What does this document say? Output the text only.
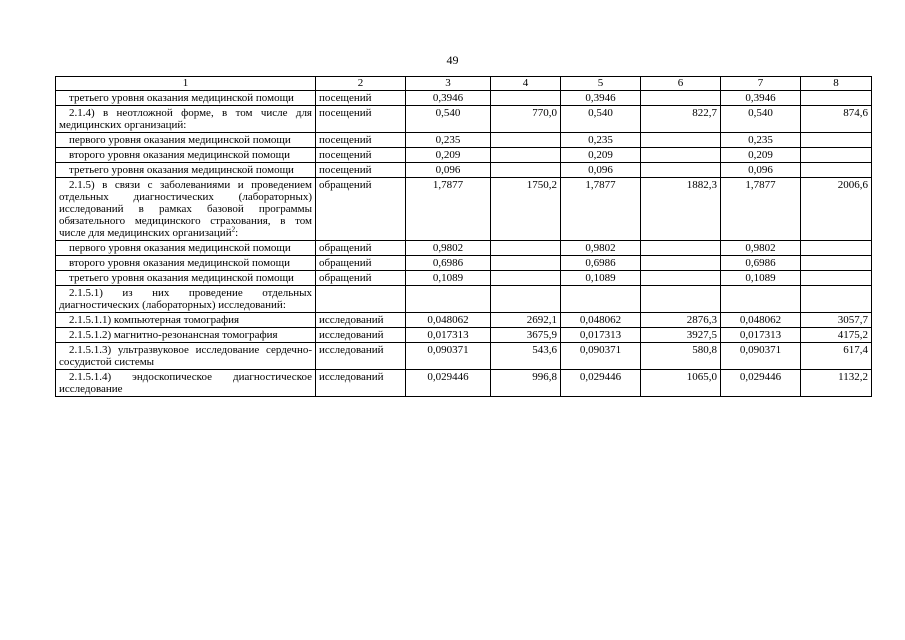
49
1	2	3	4	5	6	7	8
третьего уровня оказания медицинской помощи	посещений	0,3946		0,3946		0,3946	
2.1.4) в неотложной форме, в том числе для медицинских организаций:	посещений	0,540	770,0	0,540	822,7	0,540	874,6
первого уровня оказания медицинской помощи	посещений	0,235		0,235		0,235	
второго уровня оказания медицинской помощи	посещений	0,209		0,209		0,209	
третьего уровня оказания медицинской помощи	посещений	0,096		0,096		0,096	
2.1.5) в связи с заболеваниями и проведением отдельных диагностических (лабораторных) исследований в рамках базовой программы обязательного медицинского страхования, в том числе для медицинских организаций$^2$:	обращений	1,7877	1750,2	1,7877	1882,3	1,7877	2006,6
первого уровня оказания медицинской помощи	обращений	0,9802		0,9802		0,9802	
второго уровня оказания медицинской помощи	обращений	0,6986		0,6986		0,6986	
третьего уровня оказания медицинской помощи	обращений	0,1089		0,1089		0,1089	
2.1.5.1) из них проведение отдельных диагностических (лабораторных) исследований:							
2.1.5.1.1) компьютерная томография	исследований	0,048062	2692,1	0,048062	2876,3	0,048062	3057,7
2.1.5.1.2) магнитно-резонансная томография	исследований	0,017313	3675,9	0,017313	3927,5	0,017313	4175,2
2.1.5.1.3) ультразвуковое исследование сердечно-сосудистой системы	исследований	0,090371	543,6	0,090371	580,8	0,090371	617,4
2.1.5.1.4) эндоскопическое диагностическое исследование	исследований	0,029446	996,8	0,029446	1065,0	0,029446	1132,2
